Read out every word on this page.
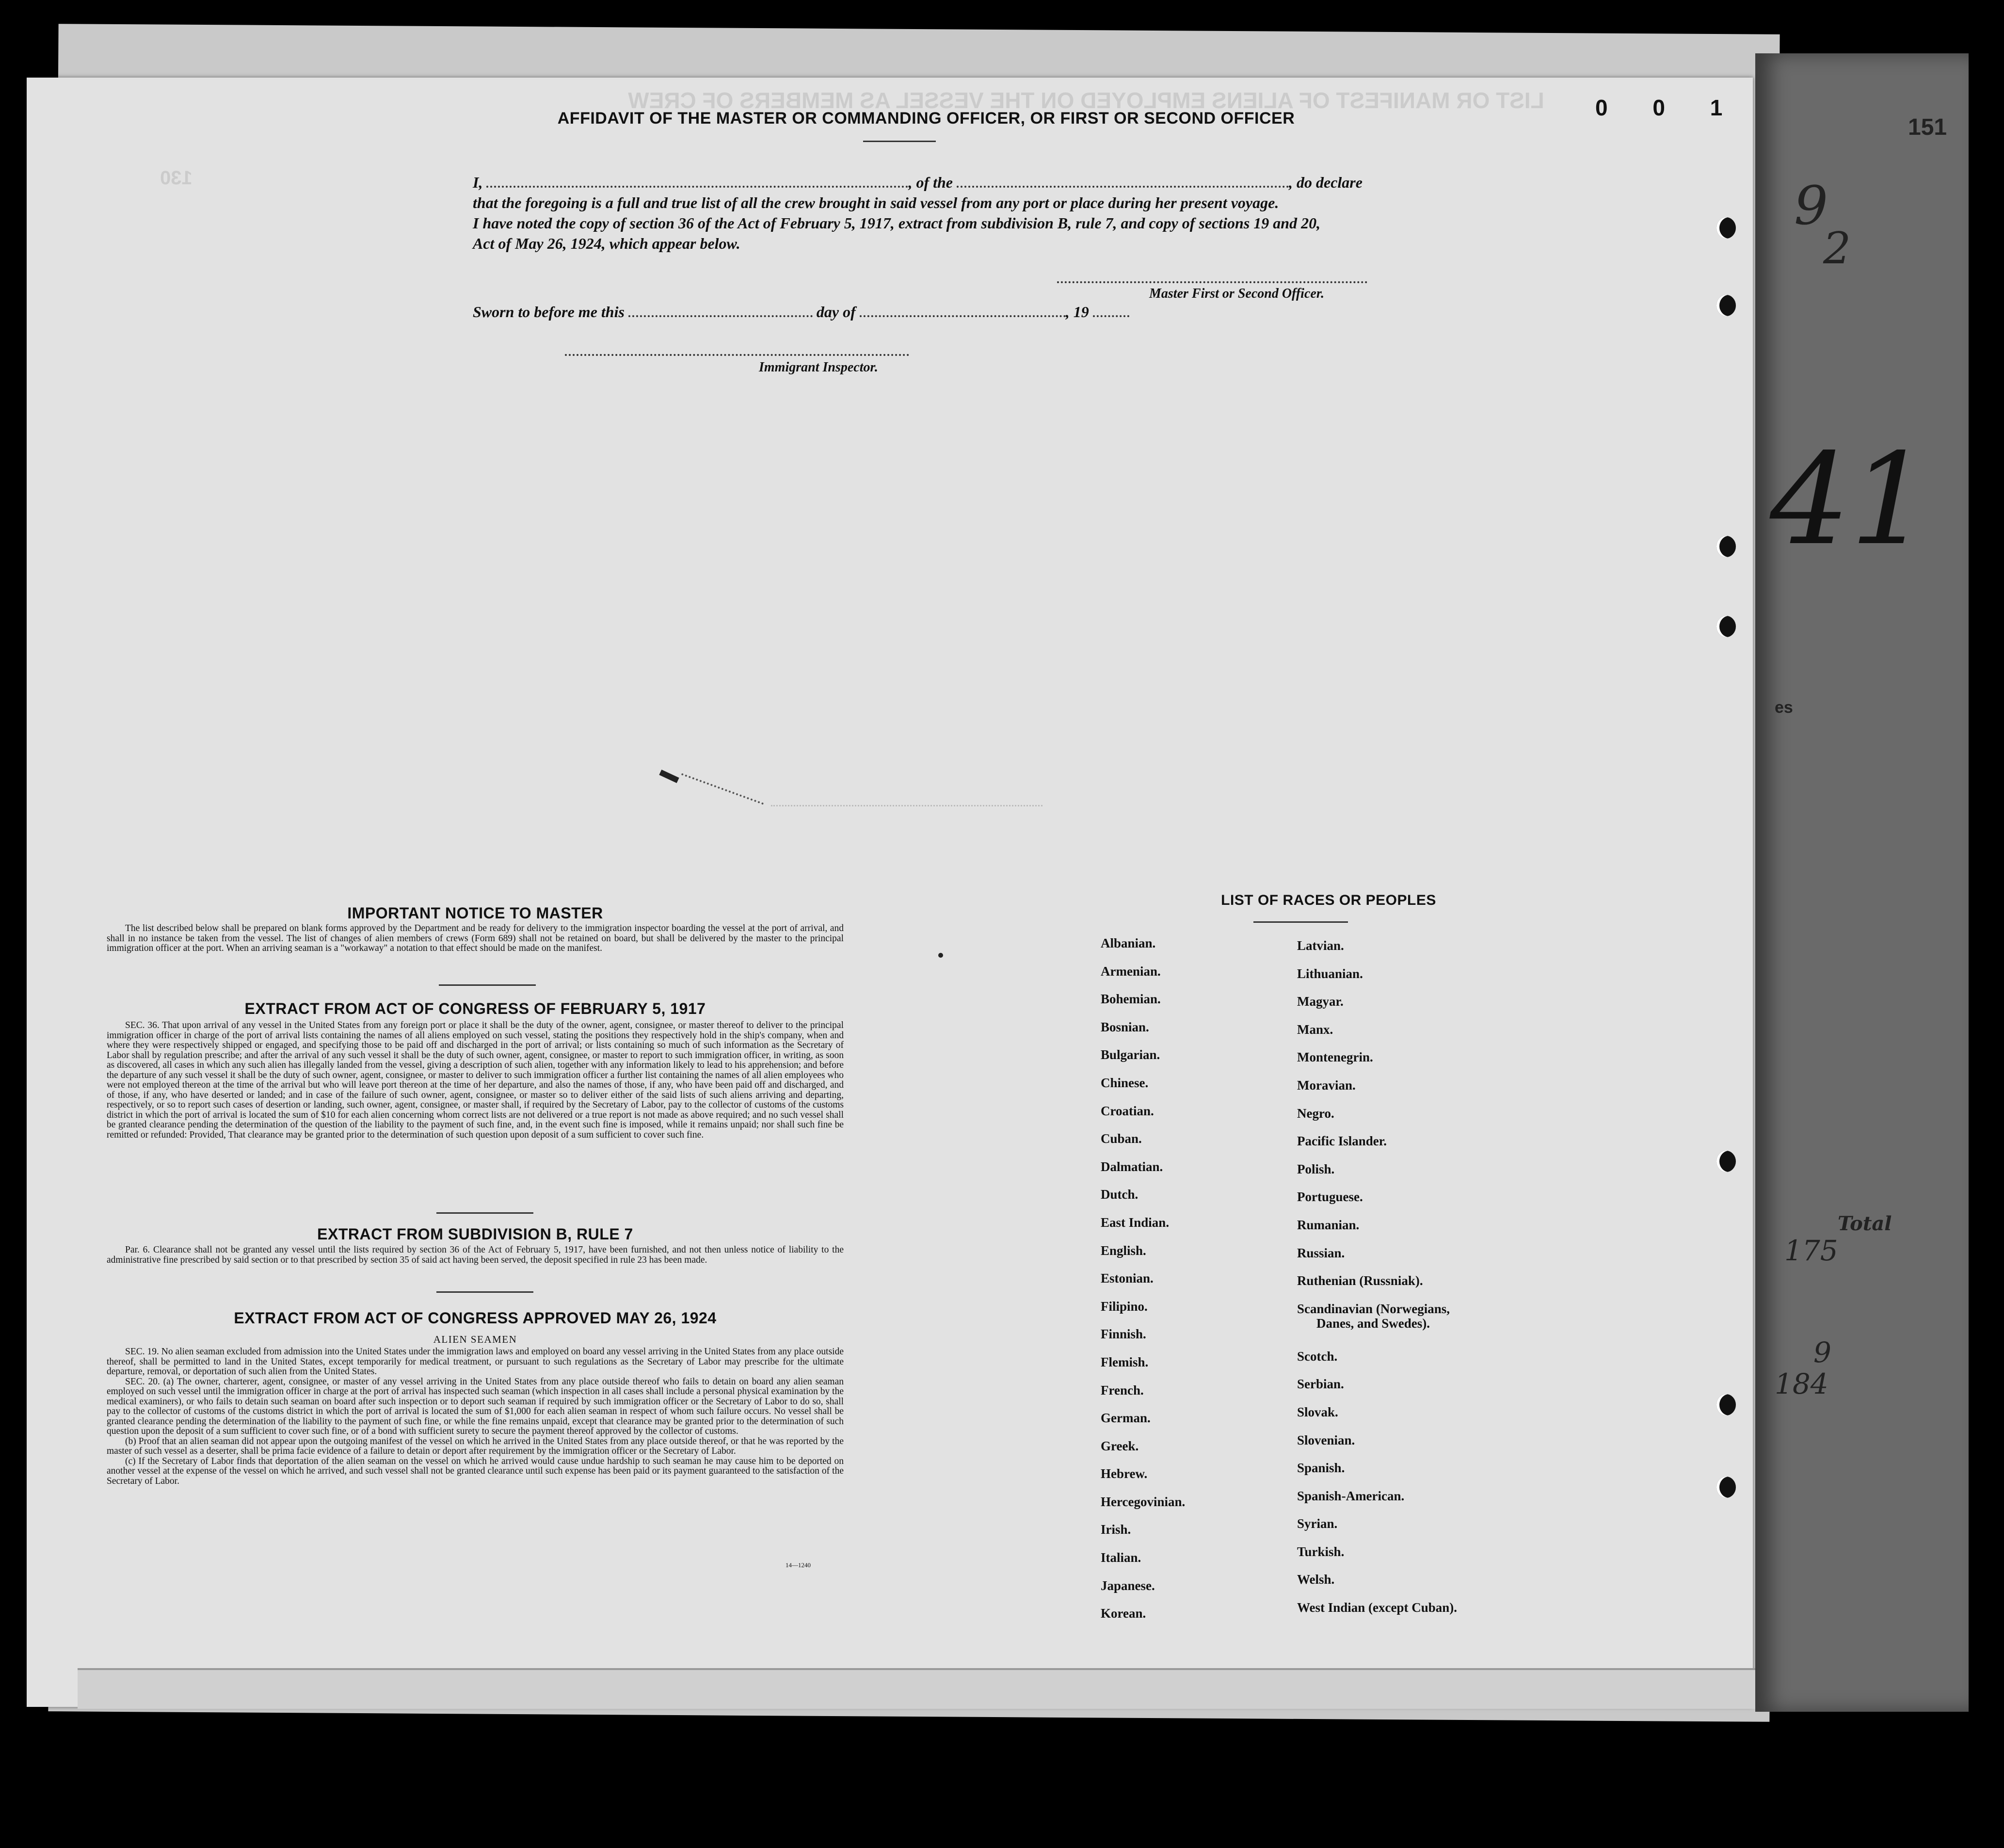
LIST OR MANIFEST OF ALIENS EMPLOYED ON THE VESSEL AS MEMBERS OF CREW
130
0 0 1
151
9
2
41
es
Total
175
9
184
AFFIDAVIT OF THE MASTER OR COMMANDING OFFICER, OR FIRST OR SECOND OFFICER
I,	, of the	, do declare
that the foregoing is a full and true list of all the crew brought in said vessel from any port or place during her present voyage.
I have noted the copy of section 36 of the Act of February 5, 1917, extract from subdivision B, rule 7, and copy of sections 19 and 20,
Act of May 26, 1924, which appear below.
Master First or Second Officer.
Sworn to before me this	day of	, 19
Immigrant Inspector.
IMPORTANT NOTICE TO MASTER
The list described below shall be prepared on blank forms approved by the Department and be ready for delivery to the immigration inspector boarding the vessel at the port of arrival, and shall in no instance be taken from the vessel. The list of changes of alien members of crews (Form 689) shall not be retained on board, but shall be delivered by the master to the principal immigration officer at the port. When an arriving seaman is a "workaway" a notation to that effect should be made on the manifest.
EXTRACT FROM ACT OF CONGRESS OF FEBRUARY 5, 1917
SEC. 36. That upon arrival of any vessel in the United States from any foreign port or place it shall be the duty of the owner, agent, consignee, or master thereof to deliver to the principal immigration officer in charge of the port of arrival lists containing the names of all aliens employed on such vessel, stating the positions they respectively hold in the ship's company, when and where they were respectively shipped or engaged, and specifying those to be paid off and discharged in the port of arrival; or lists containing so much of such information as the Secretary of Labor shall by regulation prescribe; and after the arrival of any such vessel it shall be the duty of such owner, agent, consignee, or master to report to such immigration officer, in writing, as soon as discovered, all cases in which any such alien has illegally landed from the vessel, giving a description of such alien, together with any information likely to lead to his apprehension; and before the departure of any such vessel it shall be the duty of such owner, agent, consignee, or master to deliver to such immigration officer a further list containing the names of all alien employees who were not employed thereon at the time of the arrival but who will leave port thereon at the time of her departure, and also the names of those, if any, who have been paid off and discharged, and of those, if any, who have deserted or landed; and in case of the failure of such owner, agent, consignee, or master so to deliver either of the said lists of such aliens arriving and departing, respectively, or so to report such cases of desertion or landing, such owner, agent, consignee, or master shall, if required by the Secretary of Labor, pay to the collector of customs of the customs district in which the port of arrival is located the sum of $10 for each alien concerning whom correct lists are not delivered or a true report is not made as above required; and no such vessel shall be granted clearance pending the determination of the question of the liability to the payment of such fine, and, in the event such fine is imposed, while it remains unpaid; nor shall such fine be remitted or refunded: Provided, That clearance may be granted prior to the determination of such question upon deposit of a sum sufficient to cover such fine.
EXTRACT FROM SUBDIVISION B, RULE 7
Par. 6. Clearance shall not be granted any vessel until the lists required by section 36 of the Act of February 5, 1917, have been furnished, and not then unless notice of liability to the administrative fine prescribed by said section or to that prescribed by section 35 of said act having been served, the deposit specified in rule 23 has been made.
EXTRACT FROM ACT OF CONGRESS APPROVED MAY 26, 1924
ALIEN SEAMEN
SEC. 19. No alien seaman excluded from admission into the United States under the immigration laws and employed on board any vessel arriving in the United States from any place outside thereof, shall be permitted to land in the United States, except temporarily for medical treatment, or pursuant to such regulations as the Secretary of Labor may prescribe for the ultimate departure, removal, or deportation of such alien from the United States.
SEC. 20. (a) The owner, charterer, agent, consignee, or master of any vessel arriving in the United States from any place outside thereof who fails to detain on board any alien seaman employed on such vessel until the immigration officer in charge at the port of arrival has inspected such seaman (which inspection in all cases shall include a personal physical examination by the medical examiners), or who fails to detain such seaman on board after such inspection or to deport such seaman if required by such immigration officer or the Secretary of Labor to do so, shall pay to the collector of customs of the customs district in which the port of arrival is located the sum of $1,000 for each alien seaman in respect of whom such failure occurs. No vessel shall be granted clearance pending the determination of the liability to the payment of such fine, or while the fine remains unpaid, except that clearance may be granted prior to the determination of such question upon the deposit of a sum sufficient to cover such fine, or of a bond with sufficient surety to secure the payment thereof approved by the collector of customs.
(b) Proof that an alien seaman did not appear upon the outgoing manifest of the vessel on which he arrived in the United States from any place outside thereof, or that he was reported by the master of such vessel as a deserter, shall be prima facie evidence of a failure to detain or deport after requirement by the immigration officer or the Secretary of Labor.
(c) If the Secretary of Labor finds that deportation of the alien seaman on the vessel on which he arrived would cause undue hardship to such seaman he may cause him to be deported on another vessel at the expense of the vessel on which he arrived, and such vessel shall not be granted clearance until such expense has been paid or its payment guaranteed to the satisfaction of the Secretary of Labor.
14—1240
LIST OF RACES OR PEOPLES
Albanian.
Armenian.
Bohemian.
Bosnian.
Bulgarian.
Chinese.
Croatian.
Cuban.
Dalmatian.
Dutch.
East Indian.
English.
Estonian.
Filipino.
Finnish.
Flemish.
French.
German.
Greek.
Hebrew.
Hercegovinian.
Irish.
Italian.
Japanese.
Korean.
Latvian.
Lithuanian.
Magyar.
Manx.
Montenegrin.
Moravian.
Negro.
Pacific Islander.
Polish.
Portuguese.
Rumanian.
Russian.
Ruthenian (Russniak).
Scandinavian (Norwegians,
Danes, and Swedes).
Scotch.
Serbian.
Slovak.
Slovenian.
Spanish.
Spanish-American.
Syrian.
Turkish.
Welsh.
West Indian (except Cuban).
